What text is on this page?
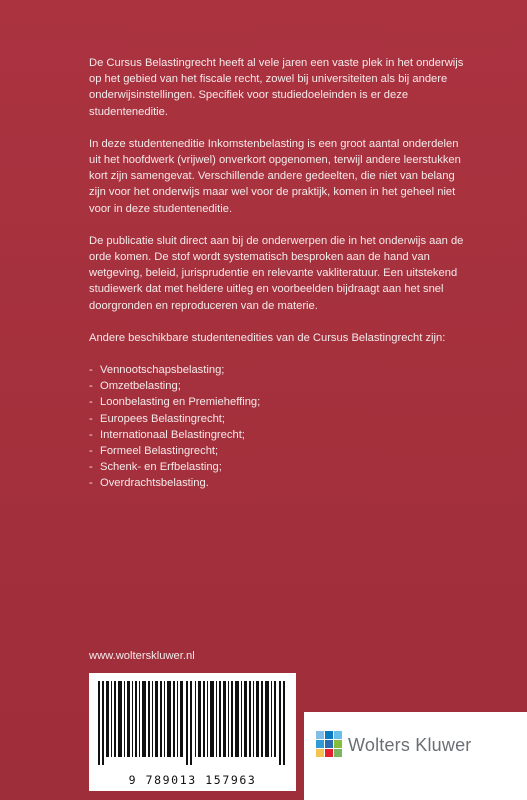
De Cursus Belastingrecht heeft al vele jaren een vaste plek in het onderwijs op het gebied van het fiscale recht, zowel bij universiteiten als bij andere onderwijsinstellingen. Specifiek voor studiedoeleinden is er deze studenteneditie.

In deze studenteneditie Inkomstenbelasting is een groot aantal onderdelen uit het hoofdwerk (vrijwel) onverkort opgenomen, terwijl andere leerstukken kort zijn samengevat. Verschillende andere gedeelten, die niet van belang zijn voor het onderwijs maar wel voor de praktijk, komen in het geheel niet voor in deze studenteneditie.

De publicatie sluit direct aan bij de onderwerpen die in het onderwijs aan de orde komen. De stof wordt systematisch besproken aan de hand van wetgeving, beleid, jurisprudentie en relevante vakliteratuur. Een uitstekend studiewerk dat met heldere uitleg en voorbeelden bijdraagt aan het snel doorgronden en reproduceren van de materie.

Andere beschikbare studentenedities van de Cursus Belastingrecht zijn:

- Vennootschapsbelasting;
- Omzetbelasting;
- Loonbelasting en Premieheffing;
- Europees Belastingrecht;
- Internationaal Belastingrecht;
- Formeel Belastingrecht;
- Schenk- en Erfbelasting;
- Overdrachtsbelasting.
www.wolterskluwer.nl
9 789013 157963
Wolters Kluwer
